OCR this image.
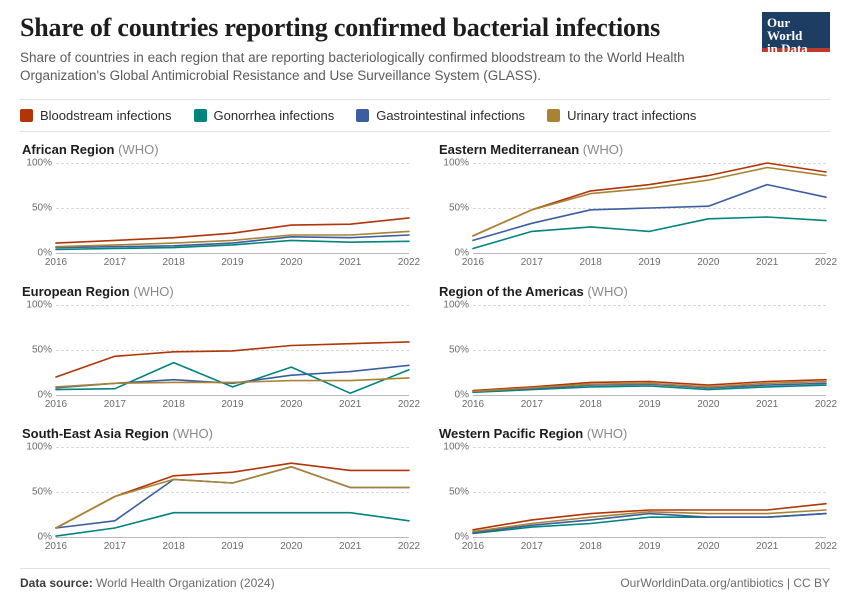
Share of countries reporting confirmed bacterial infections

Share of countries in each region that are reporting bacteriologically confirmed bloodstream to the World Health Organization's Global Antimicrobial Resistance and Use Surveillance System (GLASS).

Our World
in Data
Bloodstream infections	Gonorrhea infections	Gastrointestinal infections	Urinary tract infections
African Region (WHO)
0%
50%
100%
2016	2017	2018	2019	2020	2021	2022
Eastern Mediterranean (WHO)
0%
50%
100%
2016	2017	2018	2019	2020	2021	2022
European Region (WHO)
0%
50%
100%
2016	2017	2018	2019	2020	2021	2022
Region of the Americas (WHO)
0%
50%
100%
2016	2017	2018	2019	2020	2021	2022
South-East Asia Region (WHO)
0%
50%
100%
2016	2017	2018	2019	2020	2021	2022
Western Pacific Region (WHO)
0%
50%
100%
2016	2017	2018	2019	2020	2021	2022
Data source: World Health Organization (2024)	OurWorldinData.org/antibiotics | CC BY
